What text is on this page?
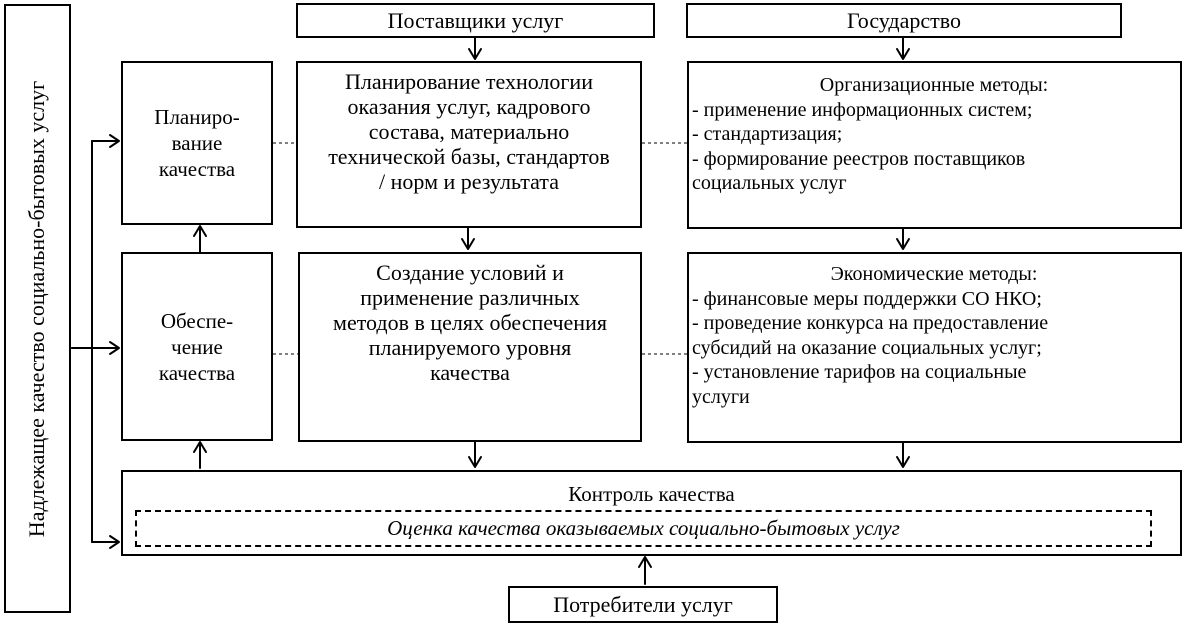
Надлежащее качество социально-бытовых услуг
Поставщики услуг	Государство
Планиро-
вание
качества
Обеспе-
чение
качества
Планирование технологии
оказания услуг, кадрового
состава, материально
технической базы, стандартов
/ норм и результата
Создание условий и
применение различных
методов в целях обеспечения
планируемого уровня
качества
Организационные методы:
- применение информационных систем;
- стандартизация;
- формирование реестров поставщиков
социальных услуг
Экономические методы:
- финансовые меры поддержки СО НКО;
- проведение конкурса на предоставление
субсидий на оказание социальных услуг;
- установление тарифов на социальные
услуги
Контроль качества
Оценка качества оказываемых социально-бытовых услуг
Потребители услуг
